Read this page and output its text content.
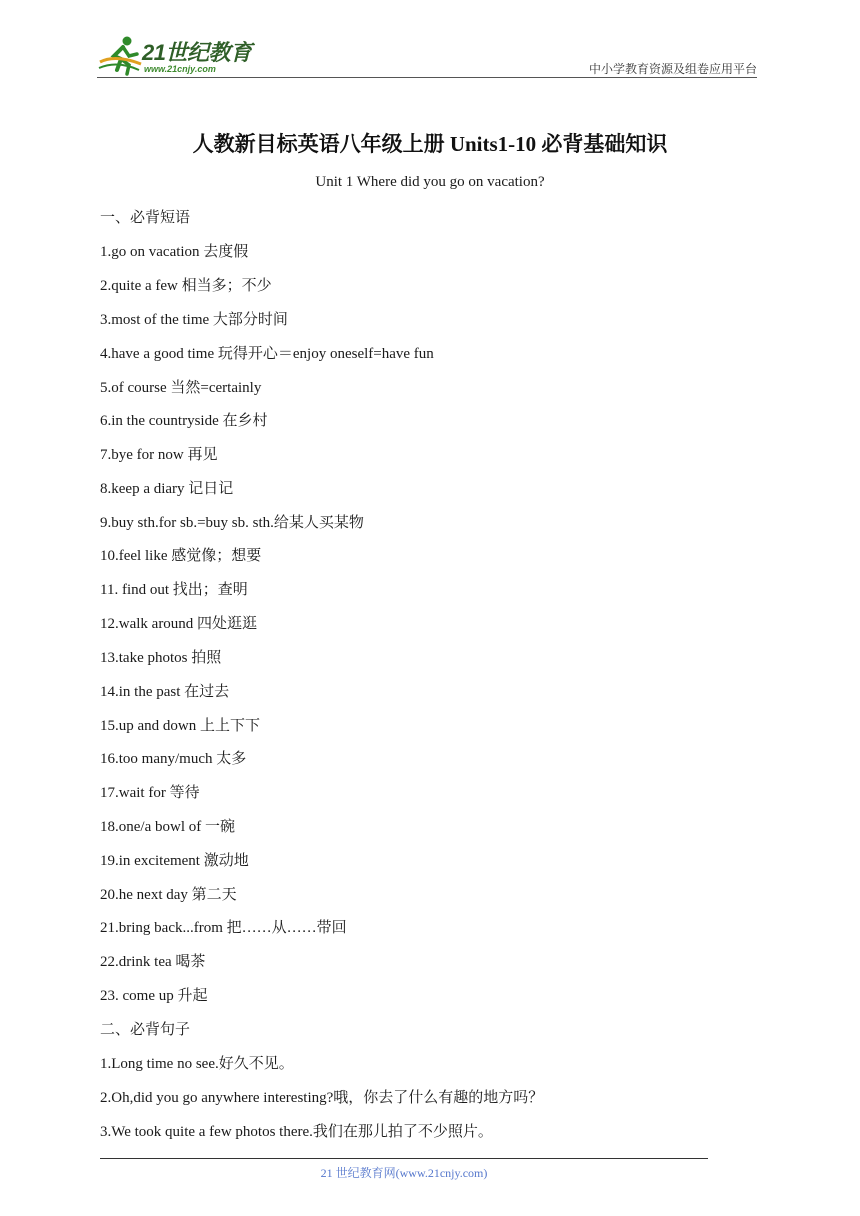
21世纪教育
www.21cnjy.com	中小学教育资源及组卷应用平台
人教新目标英语八年级上册 Units1-10 必背基础知识
Unit 1 Where did you go on vacation?
一、必背短语
1.go on vacation 去度假
2.quite a few 相当多；不少
3.most of the time 大部分时间
4.have a good time 玩得开心＝enjoy oneself=have fun
5.of course 当然=certainly
6.in the countryside 在乡村
7.bye for now 再见
8.keep a diary 记日记
9.buy sth.for sb.=buy sb. sth.给某人买某物
10.feel like 感觉像；想要
11. find out 找出；查明
12.walk around 四处逛逛
13.take photos 拍照
14.in the past 在过去
15.up and down 上上下下
16.too many/much 太多
17.wait for 等待
18.one/a bowl of 一碗
19.in excitement 激动地
20.he next day 第二天
21.bring back...from 把……从……带回
22.drink tea 喝茶
23. come up 升起
二、必背句子
1.Long time no see.好久不见。
2.Oh,did you go anywhere interesting?哦，你去了什么有趣的地方吗？
3.We took quite a few photos there.我们在那儿拍了不少照片。
21 世纪教育网(www.21cnjy.com)
